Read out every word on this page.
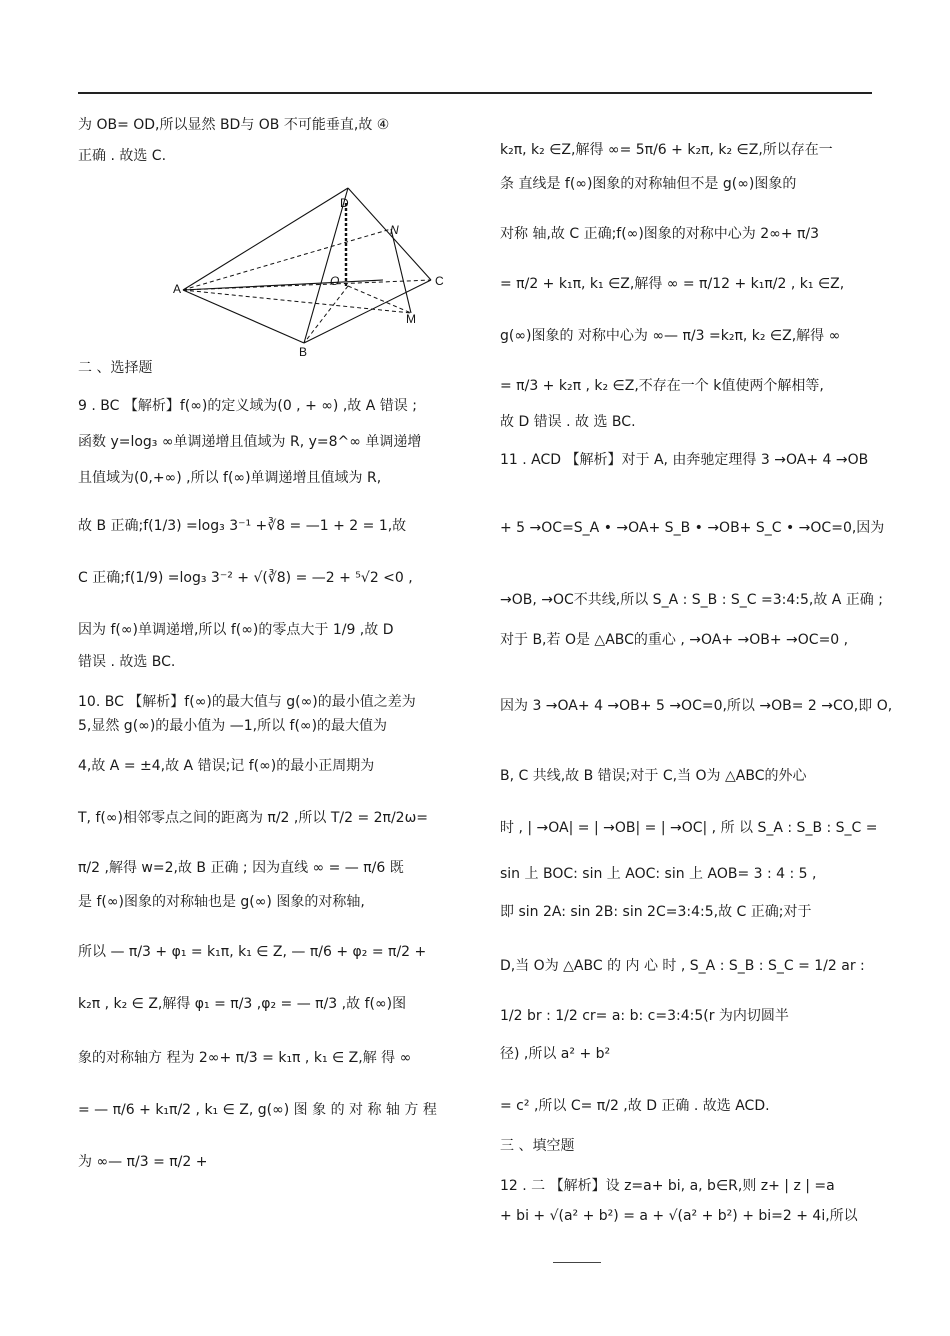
为 OB= OD,所以显然 BD与 OB 不可能垂直,故 ④
正确 . 故选 C.
A
B
C
D
M
N
O
二 、选择题
9 . BC 【解析】f(∞)的定义域为(0 , + ∞) ,故 A 错误 ;
函数 y=log₃ ∞单调递增且值域为 R, y=8^∞ 单调递增
且值域为(0,+∞) ,所以 f(∞)单调递增且值域为 R,
故 B 正确;f(1/3) =log₃ 3⁻¹ +∛8 = —1 + 2 = 1,故
C 正确;f(1/9) =log₃ 3⁻² + √(∛8) = —2 + ⁵√2 <0 ,
因为 f(∞)单调递增,所以 f(∞)的零点大于 1/9 ,故 D
错误 . 故选 BC.
10. BC 【解析】f(∞)的最大值与 g(∞)的最小值之差为
5,显然 g(∞)的最小值为 —1,所以 f(∞)的最大值为
4,故 A = ±4,故 A 错误;记 f(∞)的最小正周期为
T, f(∞)相邻零点之间的距离为 π/2 ,所以 T/2 = 2π/2ω=
π/2 ,解得 w=2,故 B 正确 ; 因为直线 ∞ = — π/6 既
是 f(∞)图象的对称轴也是 g(∞) 图象的对称轴,
所以 — π/3 + φ₁ = k₁π, k₁ ∈ Z, — π/6 + φ₂ = π/2 +
k₂π , k₂ ∈ Z,解得 φ₁ = π/3 ,φ₂ = — π/3 ,故 f(∞)图
象的对称轴方 程为 2∞+ π/3 = k₁π , k₁ ∈ Z,解 得 ∞
= — π/6 + k₁π/2 , k₁ ∈ Z, g(∞) 图 象 的 对 称 轴 方 程
为 ∞— π/3 = π/2 +
k₂π, k₂ ∈Z,解得 ∞= 5π/6 + k₂π, k₂ ∈Z,所以存在一
条 直线是 f(∞)图象的对称轴但不是 g(∞)图象的
对称 轴,故 C 正确;f(∞)图象的对称中心为 2∞+ π/3
= π/2 + k₁π, k₁ ∈Z,解得 ∞ = π/12 + k₁π/2 , k₁ ∈Z,
g(∞)图象的 对称中心为 ∞— π/3 =k₂π, k₂ ∈Z,解得 ∞
= π/3 + k₂π , k₂ ∈Z,不存在一个 k值使两个解相等,
故 D 错误 . 故 选 BC.
11 . ACD 【解析】对于 A, 由奔驰定理得 3 →OA+ 4 →OB
+ 5 →OC=S_A • →OA+ S_B • →OB+ S_C • →OC=0,因为
→OB, →OC不共线,所以 S_A : S_B : S_C =3:4:5,故 A 正确 ;
对于 B,若 O是 △ABC的重心 , →OA+ →OB+ →OC=0 ,
因为 3 →OA+ 4 →OB+ 5 →OC=0,所以 →OB= 2 →CO,即 O,
B, C 共线,故 B 错误;对于 C,当 O为 △ABC的外心
时 , | →OA| = | →OB| = | →OC| , 所 以 S_A : S_B : S_C =
sin 上 BOC: sin 上 AOC: sin 上 AOB= 3 : 4 : 5 ,
即 sin 2A: sin 2B: sin 2C=3:4:5,故 C 正确;对于
D,当 O为 △ABC 的 内 心 时 , S_A : S_B : S_C = 1/2 ar :
1/2 br : 1/2 cr= a: b: c=3:4:5(r 为内切圆半
径) ,所以 a² + b²
= c² ,所以 C= π/2 ,故 D 正确 . 故选 ACD.
三 、填空题
12 . 二 【解析】设 z=a+ bi, a, b∈R,则 z+ | z | =a
+ bi + √(a² + b²) = a + √(a² + b²) + bi=2 + 4i,所以
